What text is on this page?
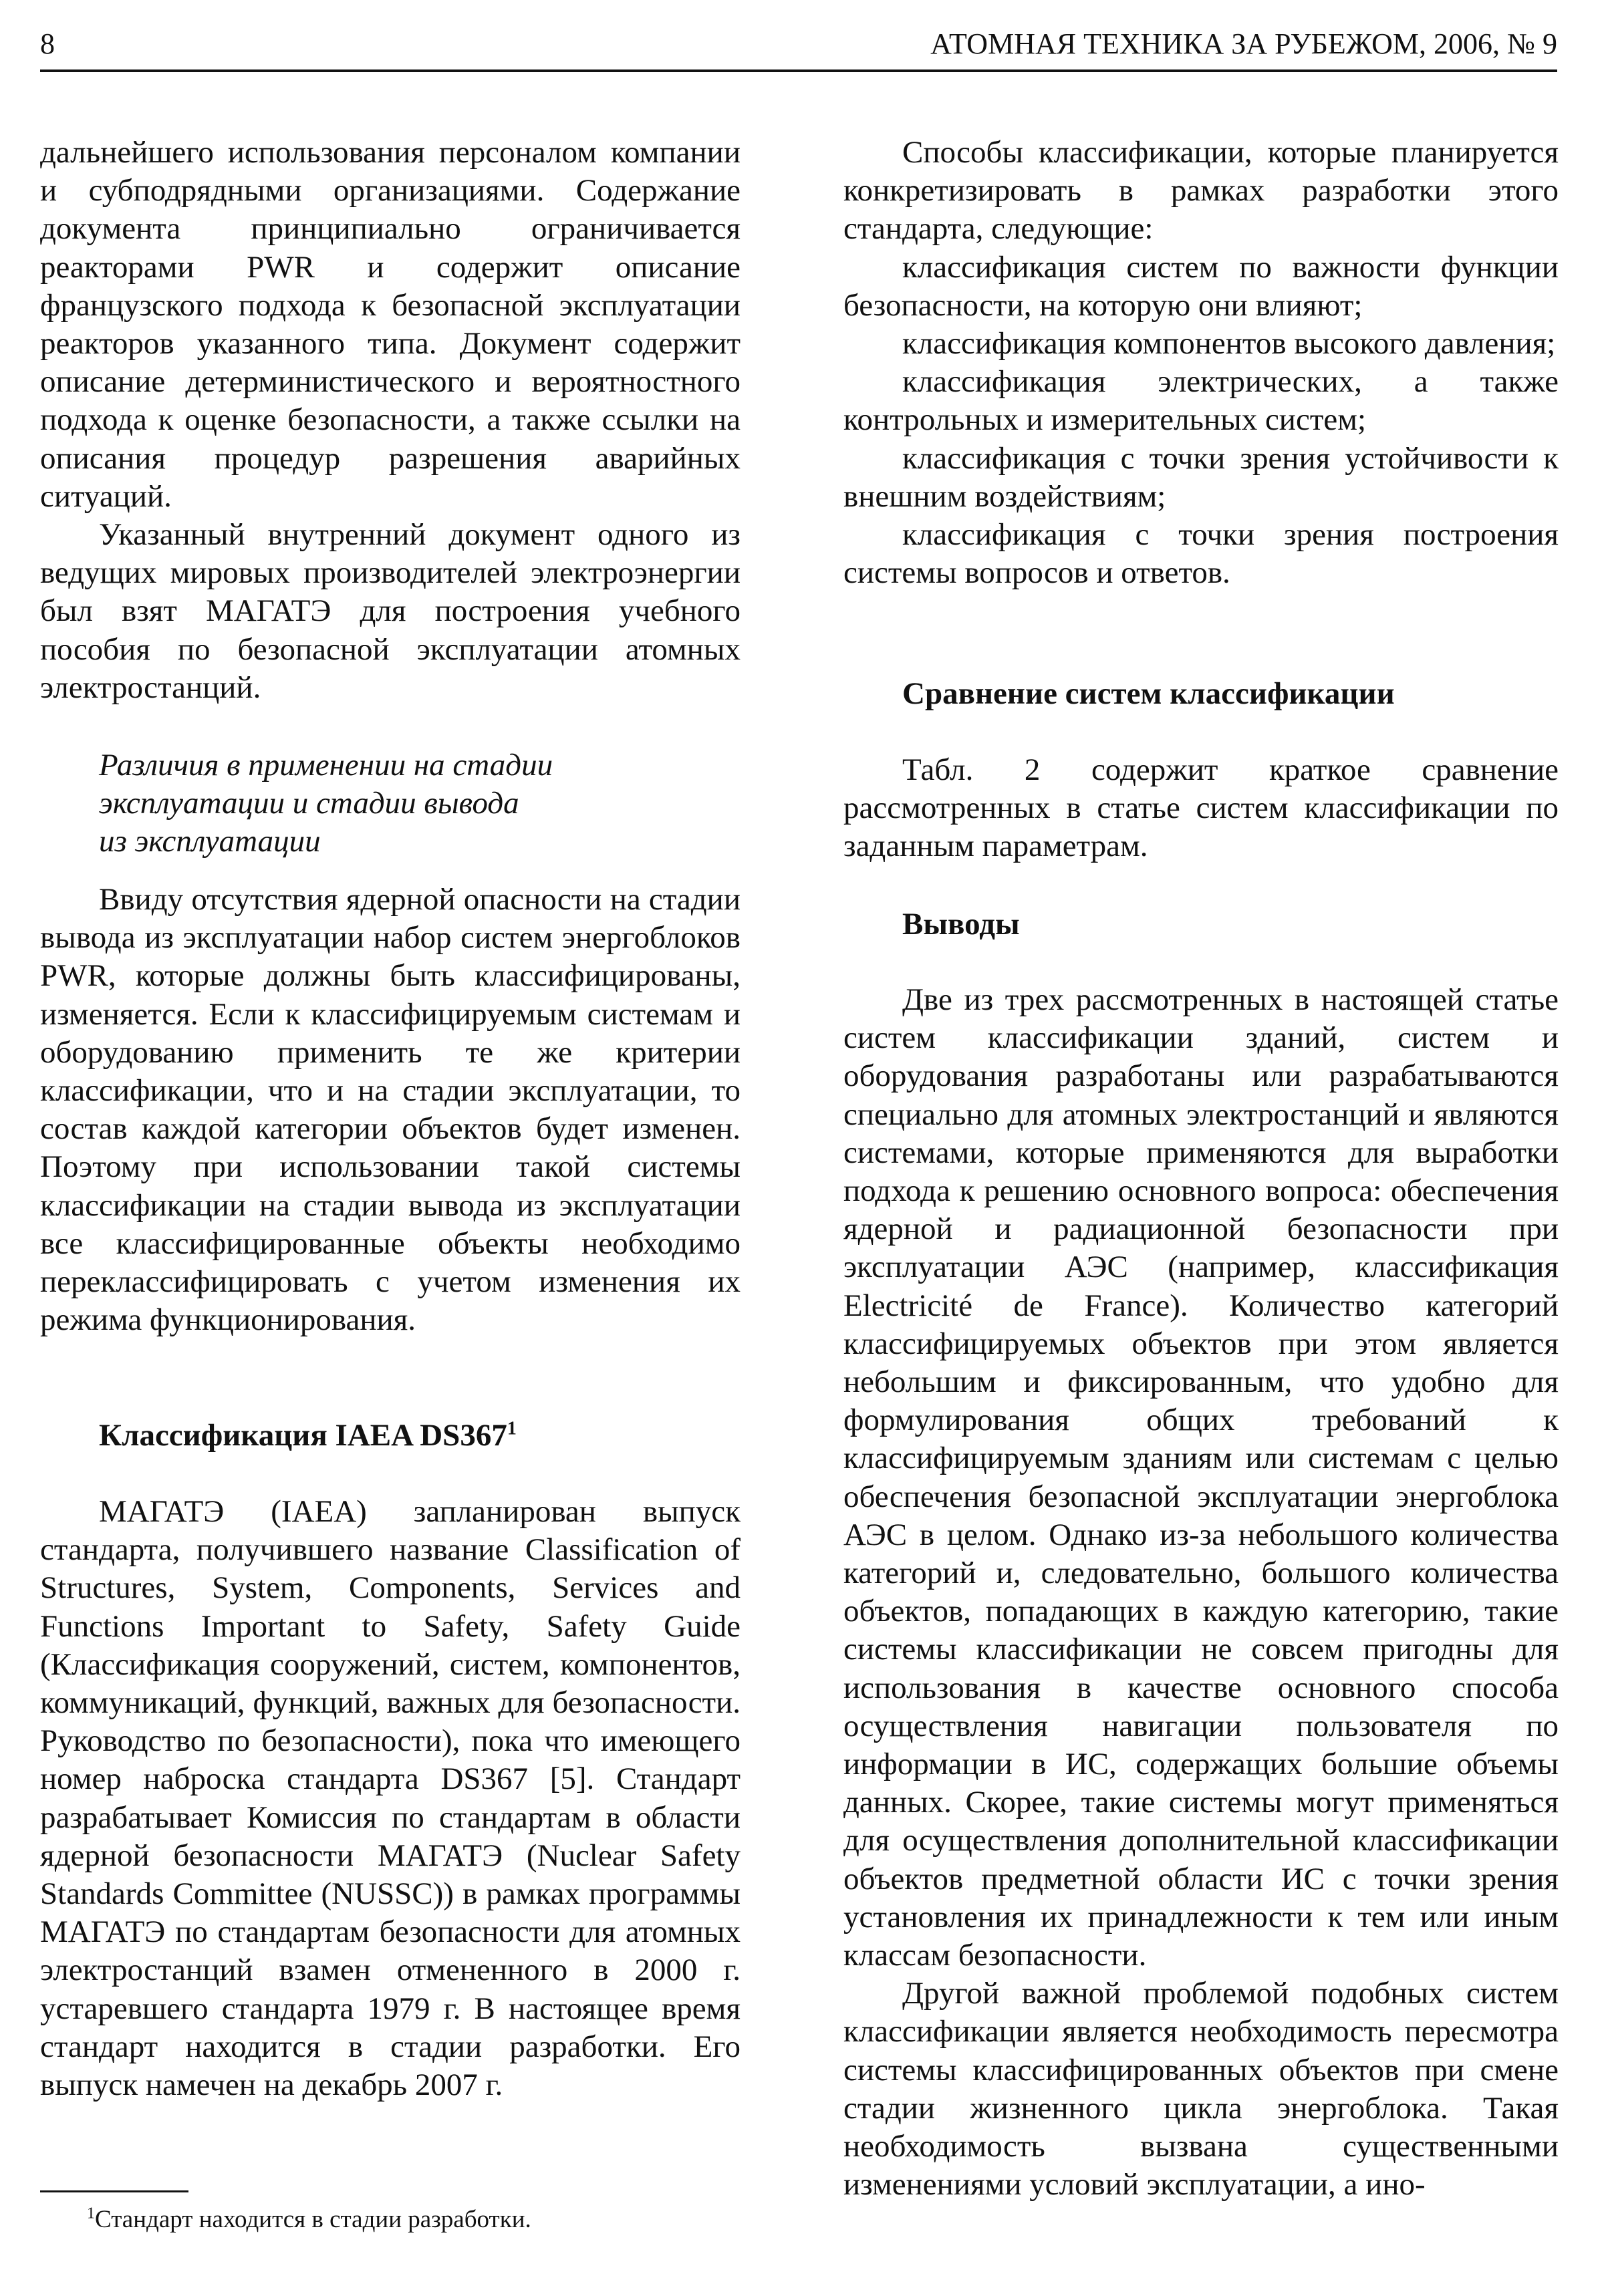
8	АТОМНАЯ ТЕХНИКА ЗА РУБЕЖОМ, 2006, № 9

дальнейшего использования персоналом компании и субподрядными организациями. Содержание документа принципиально ограничивается реакторами PWR и содержит описание французского подхода к безопасной эксплуатации реакторов указанного типа. Документ содержит описание детерминистического и вероятностного подхода к оценке безопасности, а также ссылки на описания процедур разрешения аварийных ситуаций.

Указанный внутренний документ одного из ведущих мировых производителей электроэнергии был взят МАГАТЭ для построения учебного пособия по безопасной эксплуатации атомных электростанций.

Различия в применении на стадии
эксплуатации и стадии вывода
из эксплуатации

Ввиду отсутствия ядерной опасности на стадии вывода из эксплуатации набор систем энергоблоков PWR, которые должны быть классифицированы, изменяется. Если к классифицируемым системам и оборудованию применить те же критерии классификации, что и на стадии эксплуатации, то состав каждой категории объектов будет изменен. Поэтому при использовании такой системы классификации на стадии вывода из эксплуатации все классифицированные объекты необходимо переклассифицировать с учетом изменения их режима функционирования.

Классификация IAEA $DS367^1$

МАГАТЭ (IAEA) запланирован выпуск стандарта, получившего название Classification of Structures, System, Components, Services and Functions Important to Safety, Safety Guide (Классификация сооружений, систем, компонентов, коммуникаций, функций, важных для безопасности. Руководство по безопасности), пока что имеющего номер наброска стандарта DS367 [5]. Стандарт разрабатывает Комиссия по стандартам в области ядерной безопасности МАГАТЭ (Nuclear Safety Standards Committee (NUSSC)) в рамках программы МАГАТЭ по стандартам безопасности для атомных электростанций взамен отмененного в 2000 г. устаревшего стандарта 1979 г. В настоящее время стандарт находится в стадии разработки. Его выпуск намечен на декабрь 2007 г.

$^1$Стандарт находится в стадии разработки.

Способы классификации, которые планируется конкретизировать в рамках разработки этого стандарта, следующие:

классификация систем по важности функции безопасности, на которую они влияют;

классификация компонентов высокого давления;

классификация электрических, а также контрольных и измерительных систем;

классификация с точки зрения устойчивости к внешним воздействиям;

классификация с точки зрения построения системы вопросов и ответов.

Сравнение систем классификации

Табл. 2 содержит краткое сравнение рассмотренных в статье систем классификации по заданным параметрам.

Выводы

Две из трех рассмотренных в настоящей статье систем классификации зданий, систем и оборудования разработаны или разрабатываются специально для атомных электростанций и являются системами, которые применяются для выработки подхода к решению основного вопроса: обеспечения ядерной и радиационной безопасности при эксплуатации АЭС (например, классификация Electricité de France). Количество категорий классифицируемых объектов при этом является небольшим и фиксированным, что удобно для формулирования общих требований к классифицируемым зданиям или системам с целью обеспечения безопасной эксплуатации энергоблока АЭС в целом. Однако из-за небольшого количества категорий и, следовательно, большого количества объектов, попадающих в каждую категорию, такие системы классификации не совсем пригодны для использования в качестве основного способа осуществления навигации пользователя по информации в ИС, содержащих большие объемы данных. Скорее, такие системы могут применяться для осуществления дополнительной классификации объектов предметной области ИС с точки зрения установления их принадлежности к тем или иным классам безопасности.

Другой важной проблемой подобных систем классификации является необходимость пересмотра системы классифицированных объектов при смене стадии жизненного цикла энергоблока. Такая необходимость вызвана существенными изменениями условий эксплуатации, а ино-
